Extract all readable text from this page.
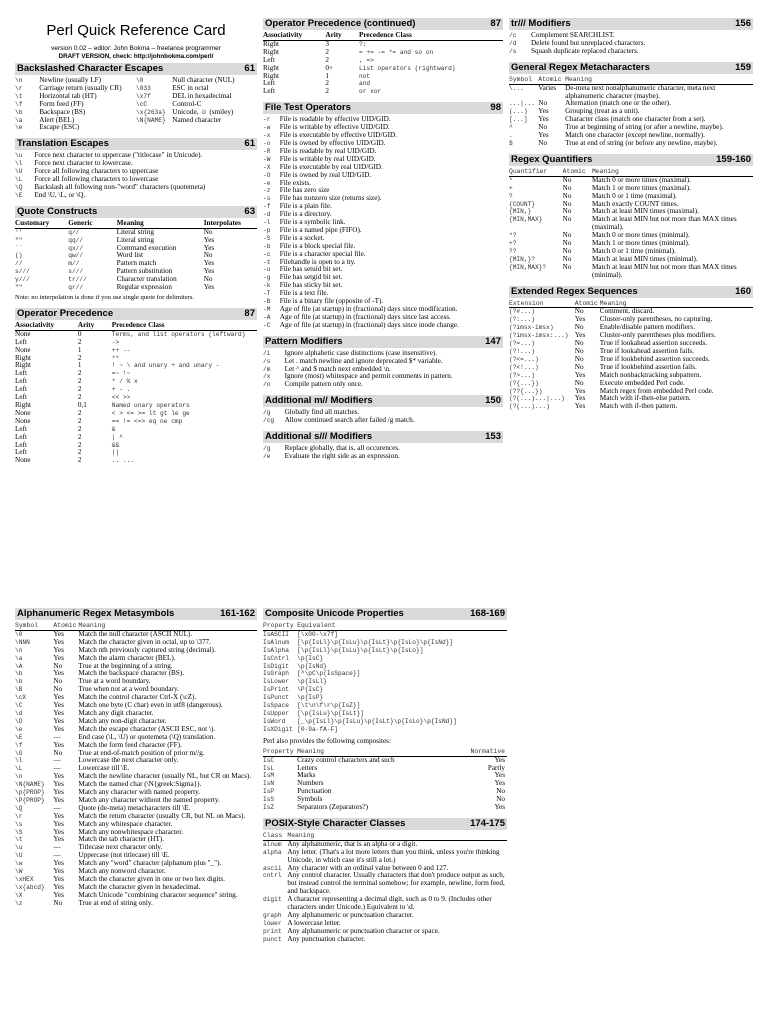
Perl Quick Reference Card
version 0.02 – editor: John Bokma – freelance programmer
DRAFT VERSION, check: http://johnbokma.com/perl/
Backslashed Character Escapes	61
\n	Newline (usually LF)	\0	Null character (NUL)
\r	Carriage return (usually CR)	\033	ESC in octal
\t	Horizontal tab (HT)	\x7f	DEL in hexadecimal
\f	Form feed (FF)	\cC	Control-C
\b	Backspace (BS)	\x{263a}	Unicode, ☺ (smiley)
\a	Alert (BEL)	\N{NAME}	Named character
\e	Escape (ESC)		
Translation Escapes	61
\u	Force next character to uppercase ("titlecase" in Unicode).
\l	Force next character to lowercase.
\U	Force all following characters to uppercase
\L	Force all following characters to lowercase
\Q	Backslash all following non-"word" characters (quotemeta)
\E	End \U, \L, or \Q.
Quote Constructs	63
Customary	Generic	Meaning	Interpolates
''	q//	Literal string	No
""	qq//	Literal string	Yes
``	qx//	Command execution	Yes
()	qw//	Word list	No
//	m//	Pattern match	Yes
s///	s///	Pattern substitution	Yes
y///	tr///	Character translation	No
""	qr//	Regular expression	Yes
Note: no interpolation is done if you use single quote for delimiters.
Operator Precedence	87
Associativity	Arity	Precedence Class
None	0	Terms, and list operators (leftward)
Left	2	->
None	1	++ --
Right	2	**
Right	1	! ~ \ and unary + and unary -
Left	2	=~ !~
Left	2	* / % x
Left	2	+ - .
Left	2	<< >>
Right	0,1	Named unary operators
None	2	< > <= >= lt gt le ge
None	2	== != <=> eq ne cmp
Left	2	&
Left	2	| ^
Left	2	&&
Left	2	||
None	2	.. ...
Operator Precedence (continued)	87
Associativity	Arity	Precedence Class
Right	3	?:
Right	2	= += -= *= and so on
Left	2	, =>
Right	0+	List operators (rightward)
Right	1	not
Left	2	and
Left	2	or xor
File Test Operators	98
-r	File is readable by effective UID/GID.
-w	File is writable by effective UID/GID.
-x	File is executable by effective UID/GID.
-o	File is owned by effective UID/GID.
-R	File is readable by real UID/GID.
-W	File is writable by real UID/GID.
-X	File is executable by real UID/GID.
-O	File is owned by real UID/GID.
-e	File exists.
-z	File has zero size
-s	File has nonzero size (returns size).
-f	File is a plain file.
-d	File is a directory.
-l	File is a symbolic link.
-p	File is a named pipe (FIFO).
-S	File is a socket.
-b	File is a block special file.
-c	File is a character special file.
-t	Filehandle is open to a tty.
-u	File has setuid bit set.
-g	File has setgid bit set.
-k	File has sticky bit set.
-T	File is a text file.
-B	File is a binary file (opposite of -T).
-M	Age of file (at startup) in (fractional) days since modification.
-A	Age of file (at startup) in (fractional) days since last access.
-C	Age of file (at startup) in (fractional) days since inode change.
Pattern Modifiers	147
/i	Ignore alphabetic case distinctions (case insensitive).
/s	Let . match newline and ignore deprecated $* variable.
/m	Let ^ and $ match next embedded \n.
/x	Ignore (most) whitespace and permit comments in pattern.
/o	Compile pattern only once.
Additional m// Modifiers	150
/g	Globally find all matches.
/cg	Allow continued search after failed /g match.
Additional s/// Modifiers	153
/g	Replace globally, that is, all occurences.
/e	Evaluate the right side as an expression.
tr/// Modifiers	156
/c	Complement SEARCHLIST.
/d	Delete found but unreplaced characters.
/s	Squash duplicate replaced characters.
General Regex Metacharacters	159
Symbol	Atomic	Meaning
\...	Varies	De-meta next nonalphanumeric character, meta next alphanumeric character (maybe).
...|...	No	Alternation (match one or the other).
(...)	Yes	Grouping (treat as a unit).
[...]	Yes	Character class (match one character from a set).
^	No	True at beginning of string (or after a newline, maybe).
.	Yes	Match one character (except newline, normally).
$	No	True at end of string (or before any newline, maybe).
Regex Quantifiers	159-160
Quantifier	Atomic	Meaning
*	No	Match 0 or more times (maximal).
+	No	Match 1 or more times (maximal).
?	No	Match 0 or 1 time (maximal).
{COUNT}	No	Match exactly COUNT times.
{MIN,}	No	Match at least MIN times (maximal).
{MIN,MAX}	No	Match at least MIN but not more than MAX times (maximal).
*?	No	Match 0 or more times (minimal).
+?	No	Match 1 or more times (minimal).
??	No	Match 0 or 1 time (minimal).
{MIN,}?	No	Match at least MIN times (minimal).
{MIN,MAX}?	No	Match at least MIN but not more than MAX times (minimal).
Extended Regex Sequences	160
Extension	Atomic	Meaning
(?#...)	No	Comment, discard.
(?:...)	Yes	Cluster-only parentheses, no capturing.
(?imsx-imsx)	No	Enable/disable pattern modifiers.
(?imsx-imsx:...)	Yes	Cluster-only parentheses plus modifiers.
(?=...)	No	True if lookahead assertion succeeds.
(?!...)	No	True if lookahead assertion fails.
(?<=...)	No	True if lookbehind assertion succeeds.
(?<!...)	No	True if lookbehind assertion fails.
(?>...)	Yes	Match nonbacktracking subpattern.
(?{...})	No	Execute embedded Perl code.
(??{...})	Yes	Match regex from embedded Perl code.
(?(...)...|...)	Yes	Match with if-then-else pattern.
(?(...)...)	Yes	Match with if-then pattern.
Alphanumeric Regex Metasymbols	161-162
Symbol	Atomic	Meaning
\0	Yes	Match the null character (ASCII NUL).
\NNN	Yes	Match the character given in octal, up to \377.
\n	Yes	Match nth previously captured string (decimal).
\a	Yes	Match the alarm character (BEL).
\A	No	True at the beginning of a string.
\b	Yes	Match the backspace character (BS).
\b	No	True at a word boundary.
\B	No	True when not at a word boundary.
\cX	Yes	Match the control character Ctrl-X (\cZ).
\C	Yes	Match one byte (C char) even in utf8 (dangerous).
\d	Yes	Match any digit character.
\D	Yes	Match any non-digit character.
\e	Yes	Match the escape character (ASCII ESC, not \).
\E	—	End case (\L, \U) or quotemeta (\Q) translation.
\f	Yes	Match the form feed character (FF).
\G	No	True at end-of-match position of prior m//g.
\l	—	Lowercase the next character only.
\L	—	Lowercase till \E.
\n	Yes	Match the newline character (usually NL, but CR on Macs).
\N{NAME}	Yes	Match the named char (\N{greek:Sigma}).
\p{PROP}	Yes	Match any character with named property.
\P{PROP}	Yes	Match any character without the named property.
\Q	—	Quote (de-meta) metacharacters till \E.
\r	Yes	Match the return character (usually CR, but NL on Macs).
\s	Yes	Match any whitespace character.
\S	Yes	Match any nonwhitespace character.
\t	Yes	Match the tab character (HT).
\u	—	Titlecase next character only.
\U	—	Uppercase (not titlecase) till \E.
\w	Yes	Match any "word" character (alphanum plus "_").
\W	Yes	Match any nonword character.
\xHEX	Yes	Match the character given in one or two hex digits.
\x{abcd}	Yes	Match the character given in hexadecimal.
\X	Yes	Match Unicode "combining character sequence" string.
\z	No	True at end of string only.
Composite Unicode Properties	168-169
Property	Equivalent
IsASCII	[\x00-\x7f]
IsAlnum	[\p{IsLl}\p{IsLu}\p{IsLt}\p{IsLo}\p{IsNd}]
IsAlpha	[\p{IsLl}\p{IsLu}\p{IsLt}\p{IsLo}]
IsCntrl	\p{IsC}
IsDigit	\p{IsNd}
IsGraph	[^\pC\p{IsSpace}]
IsLower	\p{IsLl}
IsPrint	\P{IsC}
IsPunct	\p{IsP}
IsSpace	[\t\n\f\r\p{IsZ}]
IsUpper	[\p{IsLu}\p{IsLt}]
IsWord	[_\p{IsLl}\p{IsLu}\p{IsLt}\p{IsLo}\p{IsNd}]
IsXDigit	[0-9a-fA-F]
Perl also provides the following composites:
Property	Meaning	Normative
IsC	Crazy control characters and such	Yes
IsL	Letters	Partly
IsM	Marks	Yes
IsN	Numbers	Yes
IsP	Punctuation	No
IsS	Symbols	No
IsZ	Separators (Zeparators?)	Yes
POSIX-Style Character Classes	174-175
Class	Meaning
alnum	Any alphanumeric, that is an alpha or a digit.
alpha	Any letter. (That's a lot more letters than you think, unless you're thinking Unicode, in which case it's still a lot.)
ascii	Any character with an ordinal value between 0 and 127.
cntrl	Any control character. Usually characters that don't produce output as such, but instead control the terminal somehow; for example, newline, form feed, and backspace.
digit	A character representing a decimal digit, such as 0 to 9. (Includes other characters under Unicode.) Equivalent to \d.
graph	Any alphanumeric or punctuation character.
lower	A lowercase letter.
print	Any alphanumeric or punctuation character or space.
punct	Any punctuation character.
